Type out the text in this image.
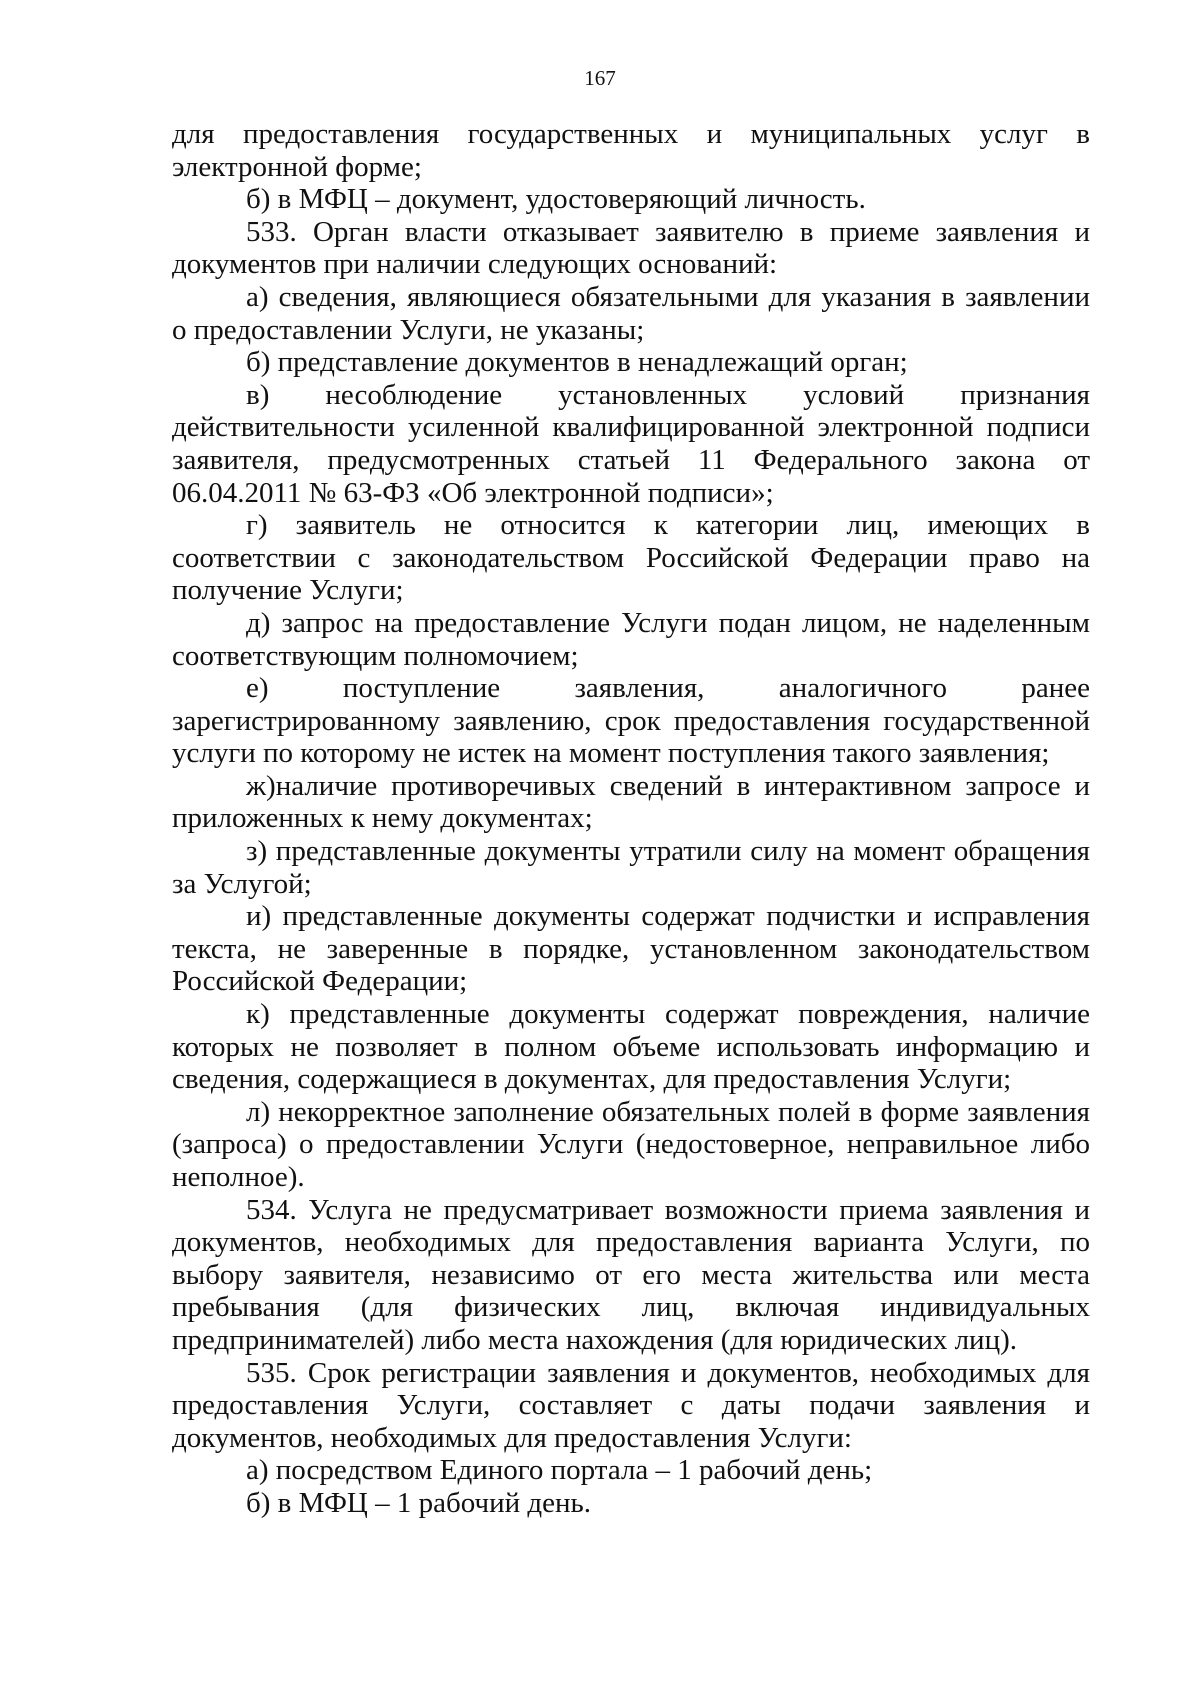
167

для предоставления государственных и муниципальных услуг в электронной форме;

б) в МФЦ – документ, удостоверяющий личность.

533. Орган власти отказывает заявителю в приеме заявления и документов при наличии следующих оснований:

а) сведения, являющиеся обязательными для указания в заявлении о предоставлении Услуги, не указаны;

б) представление документов в ненадлежащий орган;

в) несоблюдение установленных условий признания действительности усиленной квалифицированной электронной подписи заявителя, предусмотренных статьей 11 Федерального закона от 06.04.2011 № 63-ФЗ «Об электронной подписи»;

г) заявитель не относится к категории лиц, имеющих в соответствии с законодательством Российской Федерации право на получение Услуги;

д) запрос на предоставление Услуги подан лицом, не наделенным соответствующим полномочием;

е) поступление заявления, аналогичного ранее зарегистрированному заявлению, срок предоставления государственной услуги по которому не истек на момент поступления такого заявления;

ж)наличие противоречивых сведений в интерактивном запросе и приложенных к нему документах;

з) представленные документы утратили силу на момент обращения за Услугой;

и) представленные документы содержат подчистки и исправления текста, не заверенные в порядке, установленном законодательством Российской Федерации;

к) представленные документы содержат повреждения, наличие которых не позволяет в полном объеме использовать информацию и сведения, содержащиеся в документах, для предоставления Услуги;

л) некорректное заполнение обязательных полей в форме заявления (запроса) о предоставлении Услуги (недостоверное, неправильное либо неполное).

534. Услуга не предусматривает возможности приема заявления и документов, необходимых для предоставления варианта Услуги, по выбору заявителя, независимо от его места жительства или места пребывания (для физических лиц, включая индивидуальных предпринимателей) либо места нахождения (для юридических лиц).

535. Срок регистрации заявления и документов, необходимых для предоставления Услуги, составляет с даты подачи заявления и документов, необходимых для предоставления Услуги:

а) посредством Единого портала – 1 рабочий день;

б) в МФЦ – 1 рабочий день.
